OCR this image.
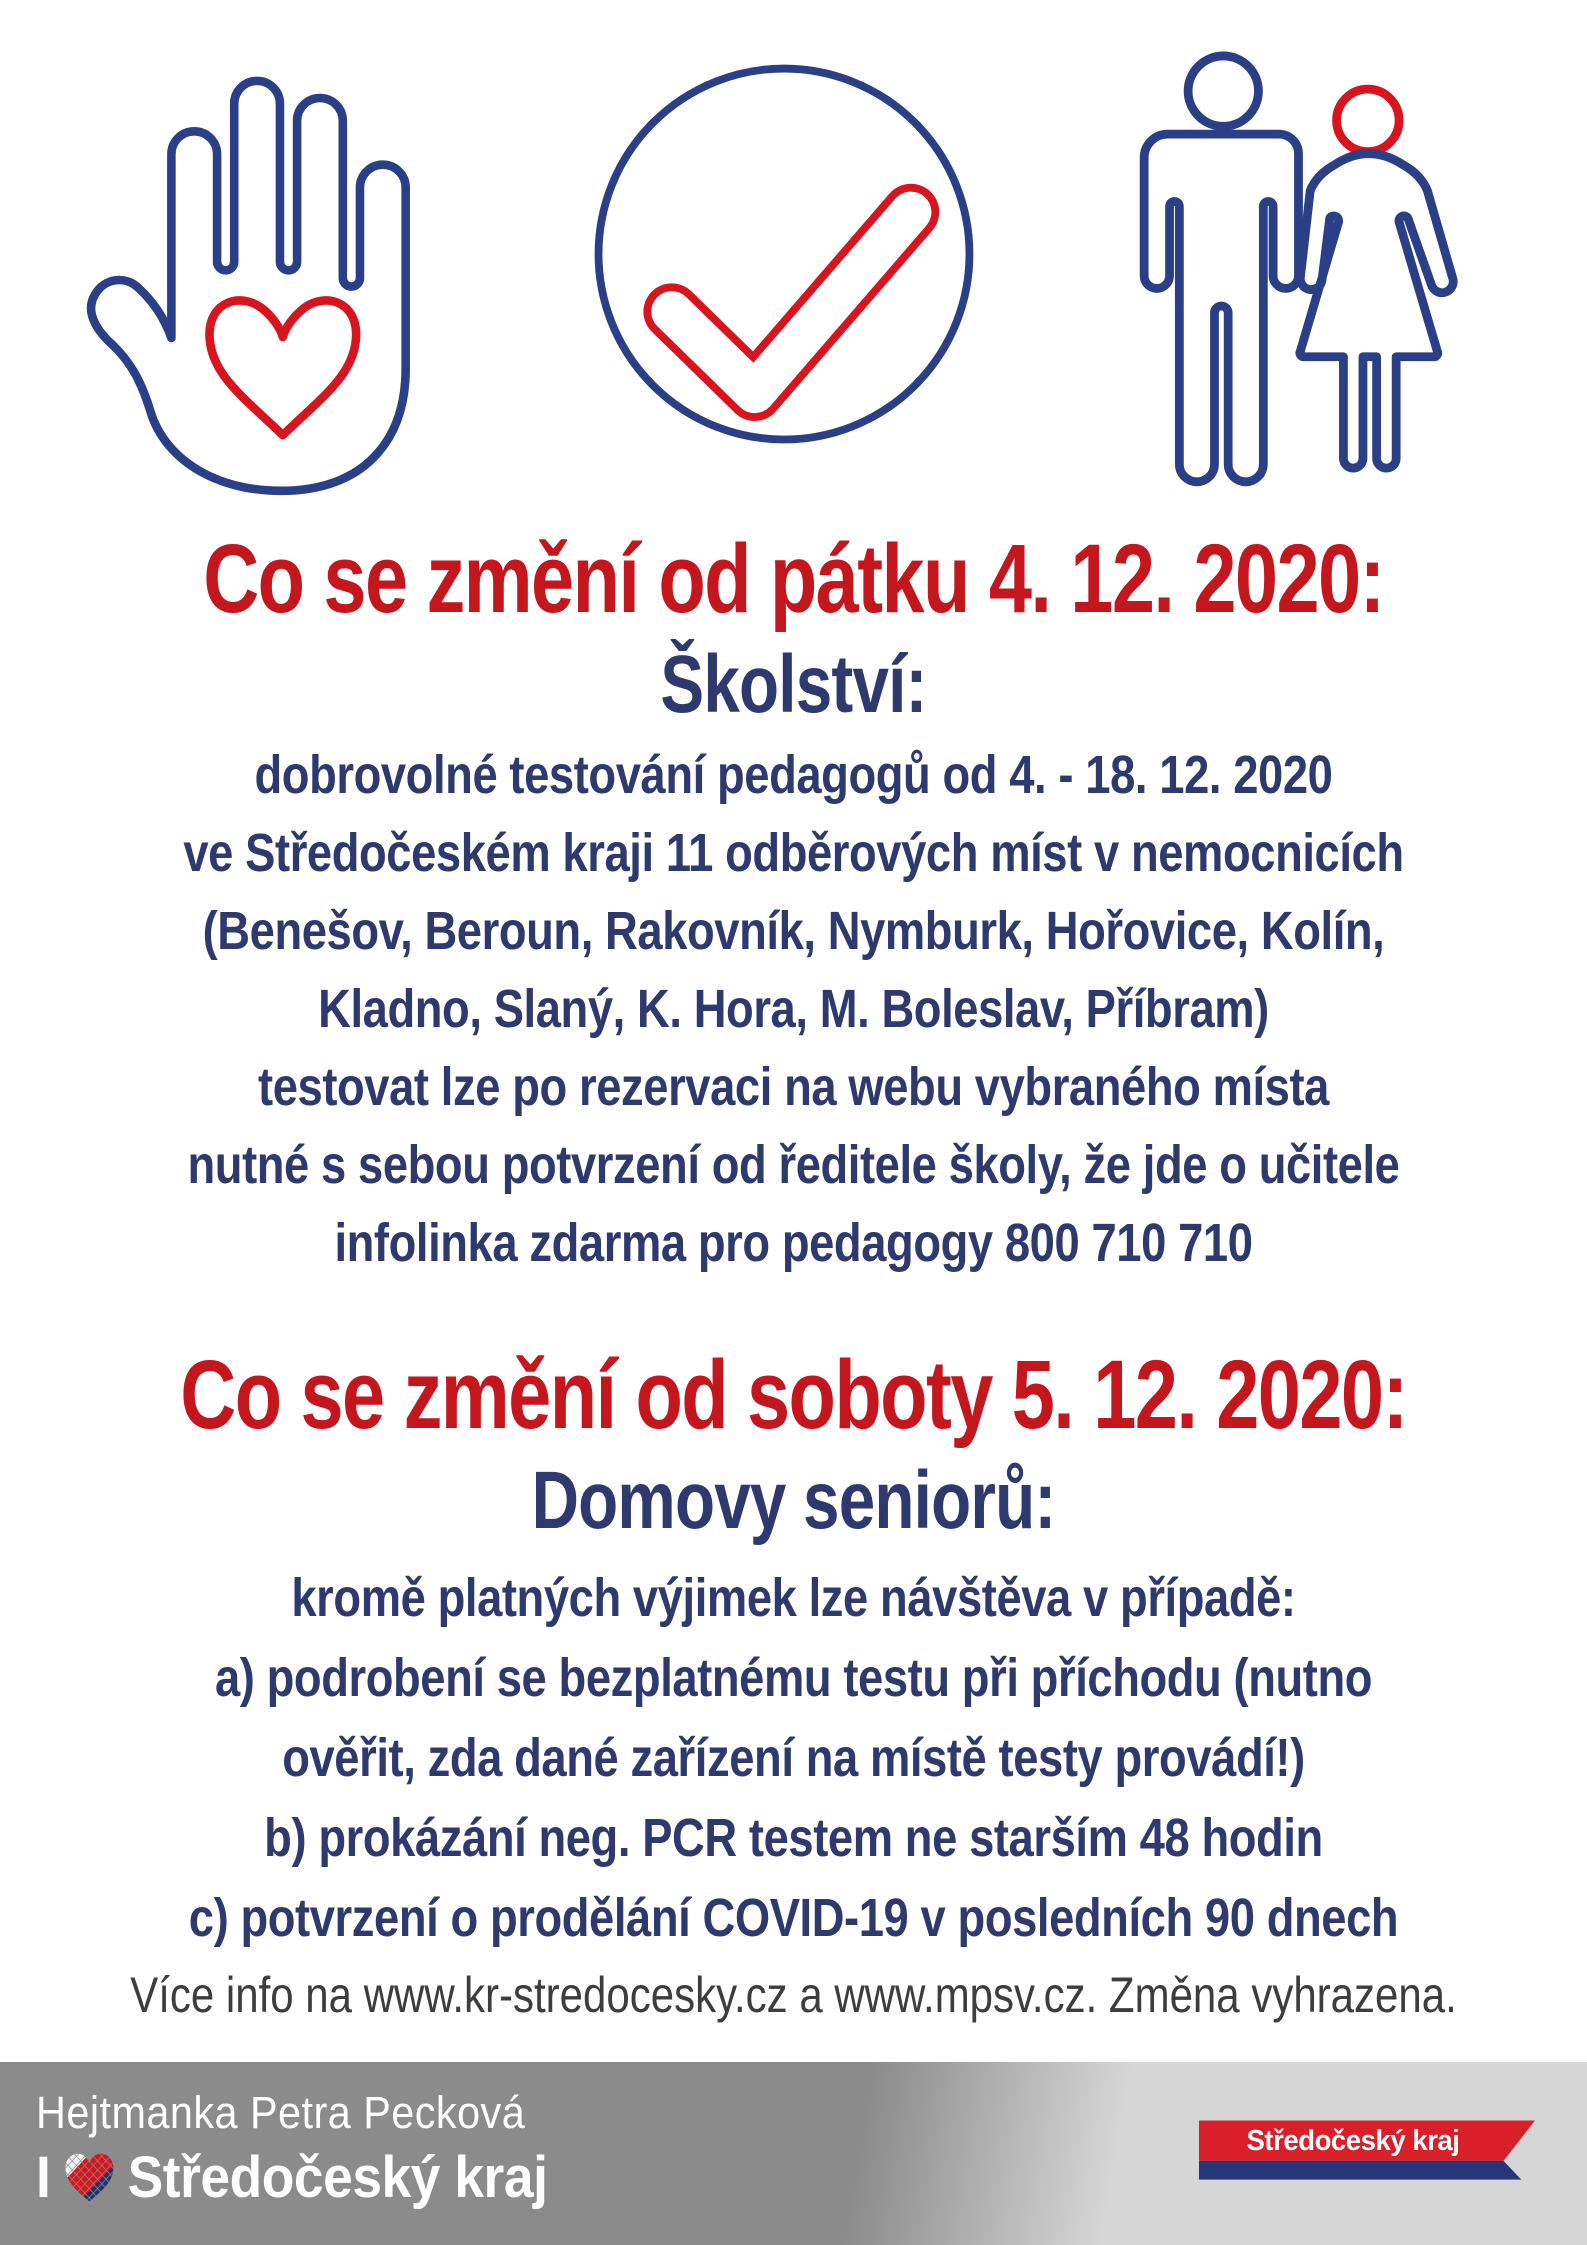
Co se změní od pátku 4. 12. 2020:
Školství:
dobrovolné testování pedagogů od 4. - 18. 12. 2020
ve Středočeském kraji 11 odběrových míst v nemocnicích
(Benešov, Beroun, Rakovník, Nymburk, Hořovice, Kolín,
Kladno, Slaný, K. Hora, M. Boleslav, Příbram)
testovat lze po rezervaci na webu vybraného místa
nutné s sebou potvrzení od ředitele školy, že jde o učitele
infolinka zdarma pro pedagogy 800 710 710
Co se změní od soboty 5. 12. 2020:
Domovy seniorů:
kromě platných výjimek lze návštěva v případě:
a) podrobení se bezplatnému testu při příchodu (nutno
ověřit, zda dané zařízení na místě testy provádí!)
b) prokázání neg. PCR testem ne starším 48 hodin
c) potvrzení o prodělání COVID-19 v posledních 90 dnech
Více info na www.kr-stredocesky.cz a www.mpsv.cz. Změna vyhrazena.
Hejtmanka Petra Pecková
I Středočeský kraj
Středočeský kraj
